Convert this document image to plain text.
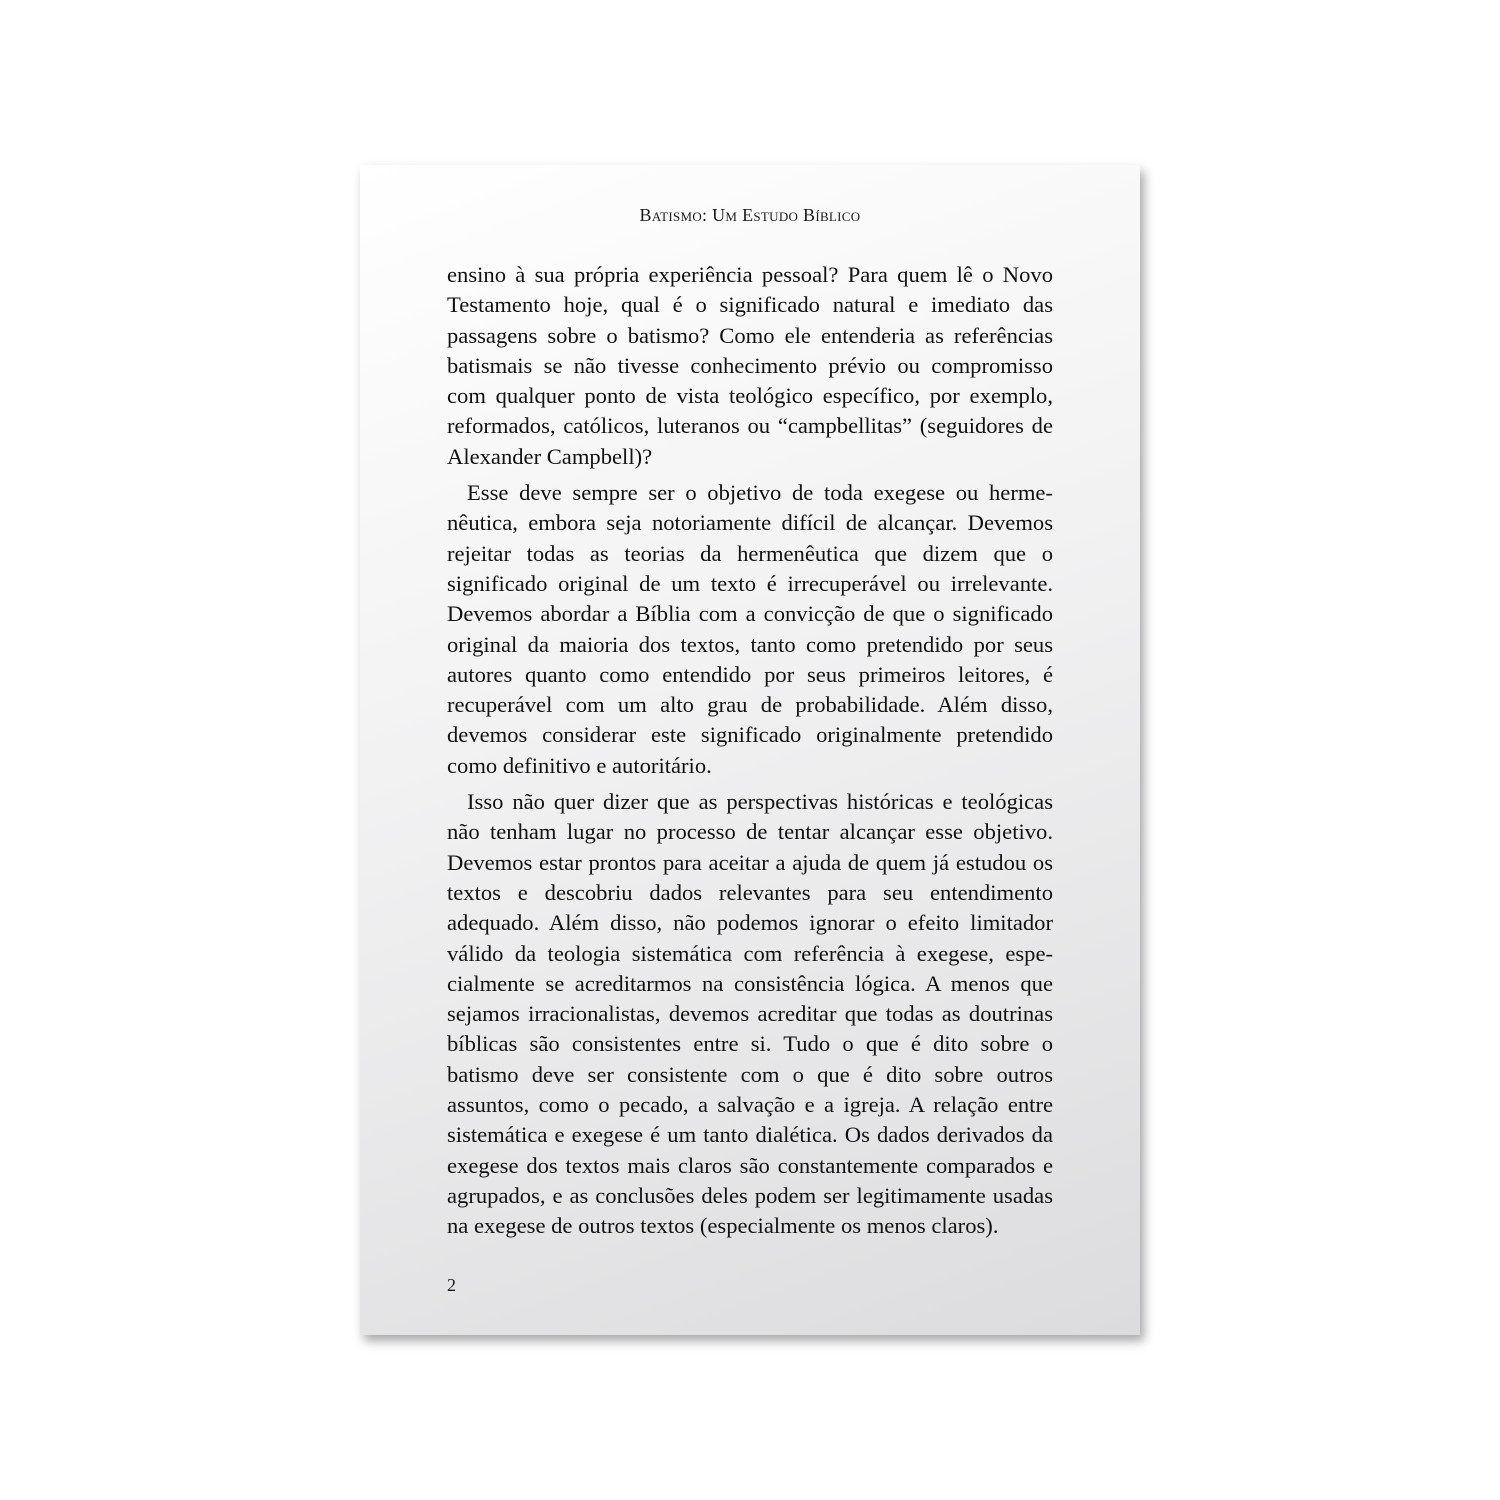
Batismo: Um Estudo Bíblico

ensino à sua própria experiência pessoal? Para quem lê o Novo Testamento hoje, qual é o significado natural e imediato das passagens sobre o batismo? Como ele entenderia as referências batismais se não tivesse conhecimento prévio ou compromisso com qualquer ponto de vista teológico específico, por exemplo, reformados, católicos, luteranos ou “campbellitas” (seguidores de Alexander Campbell)?

Esse deve sempre ser o objetivo de toda exegese ou hermenêutica, embora seja notoriamente difícil de alcançar. Devemos rejeitar todas as teorias da hermenêutica que dizem que o significado original de um texto é irrecuperável ou irrelevante. Devemos abordar a Bíblia com a convicção de que o significado original da maioria dos textos, tanto como pretendido por seus autores quanto como entendido por seus primeiros leitores, é recuperável com um alto grau de probabilidade. Além disso, devemos considerar este significado originalmente pretendido como definitivo e autoritário.

Isso não quer dizer que as perspectivas históricas e teológicas não tenham lugar no processo de tentar alcançar esse objetivo. Devemos estar prontos para aceitar a ajuda de quem já estudou os textos e descobriu dados relevantes para seu entendimento adequado. Além disso, não podemos ignorar o efeito limitador válido da teologia sistemática com referência à exegese, especialmente se acreditarmos na consistência lógica. A menos que sejamos irracionalistas, devemos acreditar que todas as doutrinas bíblicas são consistentes entre si. Tudo o que é dito sobre o batismo deve ser consistente com o que é dito sobre outros assuntos, como o pecado, a salvação e a igreja. A relação entre sistemática e exegese é um tanto dialética. Os dados derivados da exegese dos textos mais claros são constantemente comparados e agrupados, e as conclusões deles podem ser legitimamente usadas na exegese de outros textos (especialmente os menos claros).

2
